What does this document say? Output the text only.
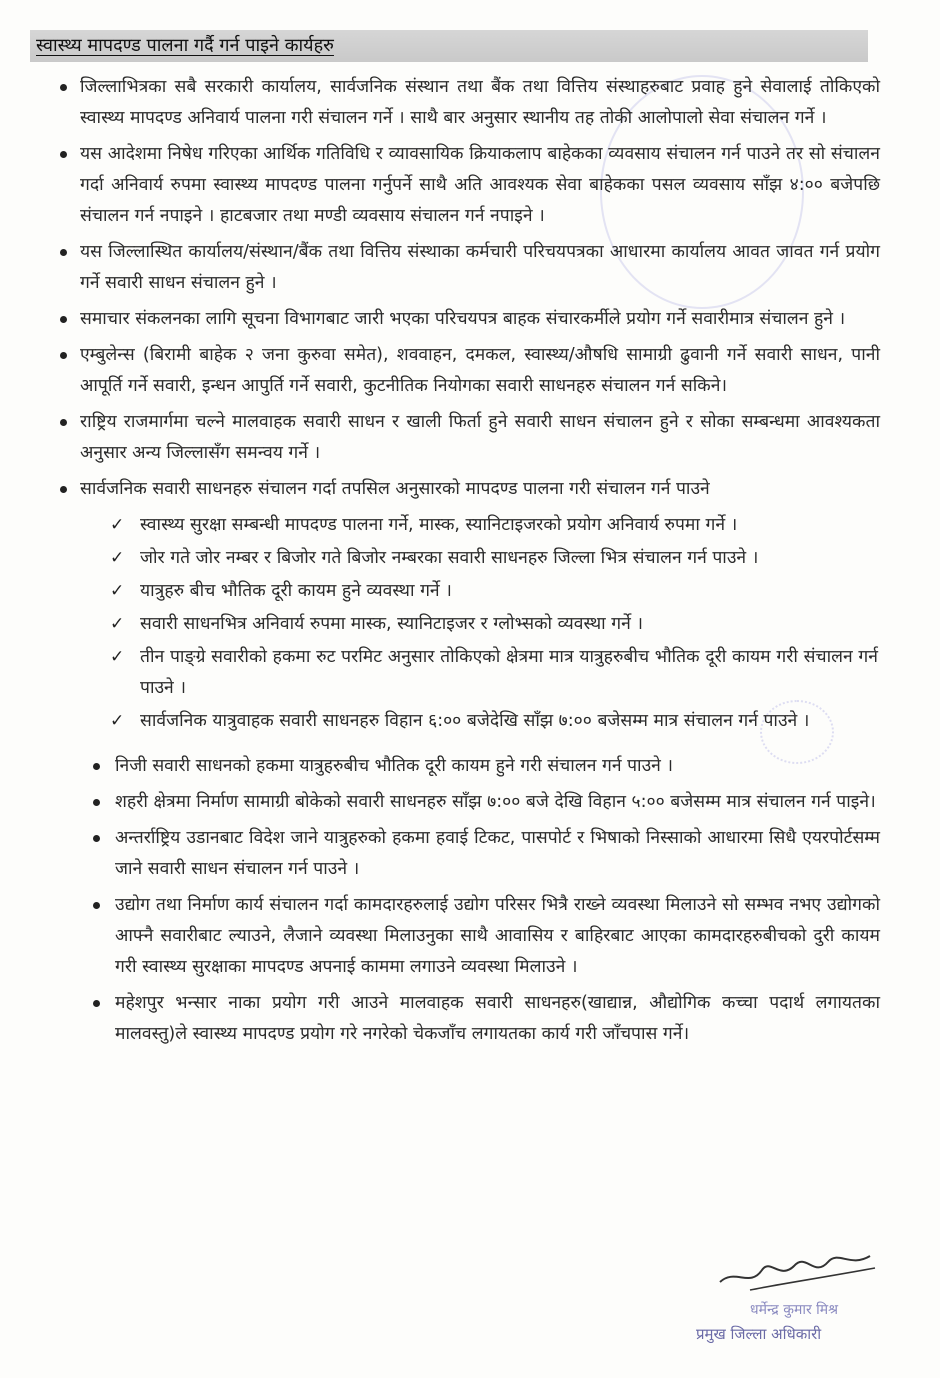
स्वास्थ्य मापदण्ड पालना गर्दै गर्न पाइने कार्यहरु
जिल्लाभित्रका सबै सरकारी कार्यालय, सार्वजनिक संस्थान तथा बैंक तथा वित्तिय संस्थाहरुबाट प्रवाह हुने सेवालाई तोकिएको स्वास्थ्य मापदण्ड अनिवार्य पालना गरी संचालन गर्ने । साथै बार अनुसार स्थानीय तह तोकी आलोपालो सेवा संचालन गर्ने ।
यस आदेशमा निषेध गरिएका आर्थिक गतिविधि र व्यावसायिक क्रियाकलाप बाहेकका व्यवसाय संचालन गर्न पाउने तर सो संचालन गर्दा अनिवार्य रुपमा स्वास्थ्य मापदण्ड पालना गर्नुपर्ने साथै अति आवश्यक सेवा बाहेकका पसल व्यवसाय साँझ ४:०० बजेपछि संचालन गर्न नपाइने । हाटबजार तथा मण्डी व्यवसाय संचालन गर्न नपाइने ।
यस जिल्लास्थित कार्यालय/संस्थान/बैंक तथा वित्तिय संस्थाका कर्मचारी परिचयपत्रका आधारमा कार्यालय आवत जावत गर्न प्रयोग गर्ने सवारी साधन संचालन हुने ।
समाचार संकलनका लागि सूचना विभागबाट जारी भएका परिचयपत्र बाहक संचारकर्मीले प्रयोग गर्ने सवारीमात्र संचालन हुने ।
एम्बुलेन्स (बिरामी बाहेक २ जना कुरुवा समेत), शववाहन, दमकल, स्वास्थ्य/औषधि सामाग्री ढुवानी गर्ने सवारी साधन, पानी आपूर्ति गर्ने सवारी, इन्धन आपुर्ति गर्ने सवारी, कुटनीतिक नियोगका सवारी साधनहरु संचालन गर्न सकिने।
राष्ट्रिय राजमार्गमा चल्ने मालवाहक सवारी साधन र खाली फिर्ता हुने सवारी साधन संचालन हुने र सोका सम्बन्धमा आवश्यकता अनुसार अन्य जिल्लासँग समन्वय गर्ने ।
सार्वजनिक सवारी साधनहरु संचालन गर्दा तपसिल अनुसारको मापदण्ड पालना गरी संचालन गर्न पाउने
✓ स्वास्थ्य सुरक्षा सम्बन्धी मापदण्ड पालना गर्ने, मास्क, स्यानिटाइजरको प्रयोग अनिवार्य रुपमा गर्ने ।
✓ जोर गते जोर नम्बर र बिजोर गते बिजोर नम्बरका सवारी साधनहरु जिल्ला भित्र संचालन गर्न पाउने ।
✓ यात्रुहरु बीच भौतिक दूरी कायम हुने व्यवस्था गर्ने ।
✓ सवारी साधनभित्र अनिवार्य रुपमा मास्क, स्यानिटाइजर र ग्लोभ्सको व्यवस्था गर्ने ।
✓ तीन पाङ्ग्रे सवारीको हकमा रुट परमिट अनुसार तोकिएको क्षेत्रमा मात्र यात्रुहरुबीच भौतिक दूरी कायम गरी संचालन गर्न पाउने ।
✓ सार्वजनिक यात्रुवाहक सवारी साधनहरु विहान ६:०० बजेदेखि साँझ ७:०० बजेसम्म मात्र संचालन गर्न पाउने ।
निजी सवारी साधनको हकमा यात्रुहरुबीच भौतिक दूरी कायम हुने गरी संचालन गर्न पाउने ।
शहरी क्षेत्रमा निर्माण सामाग्री बोकेको सवारी साधनहरु साँझ ७:०० बजे देखि विहान ५:०० बजेसम्म मात्र संचालन गर्न पाइने।
अन्तर्राष्ट्रिय उडानबाट विदेश जाने यात्रुहरुको हकमा हवाई टिकट, पासपोर्ट र भिषाको निस्साको आधारमा सिधै एयरपोर्टसम्म जाने सवारी साधन संचालन गर्न पाउने ।
उद्योग तथा निर्माण कार्य संचालन गर्दा कामदारहरुलाई उद्योग परिसर भित्रै राख्ने व्यवस्था मिलाउने सो सम्भव नभए उद्योगको आफ्नै सवारीबाट ल्याउने, लैजाने व्यवस्था मिलाउनुका साथै आवासिय र बाहिरबाट आएका कामदारहरुबीचको दुरी कायम गरी स्वास्थ्य सुरक्षाका मापदण्ड अपनाई काममा लगाउने व्यवस्था मिलाउने ।
महेशपुर भन्सार नाका प्रयोग गरी आउने मालवाहक सवारी साधनहरु(खाद्यान्न, औद्योगिक कच्चा पदार्थ लगायतका मालवस्तु)ले स्वास्थ्य मापदण्ड प्रयोग गरे नगरेको चेकजाँच लगायतका कार्य गरी जाँचपास गर्ने।
धर्मेन्द्र कुमार मिश्र
प्रमुख जिल्ला अधिकारी
